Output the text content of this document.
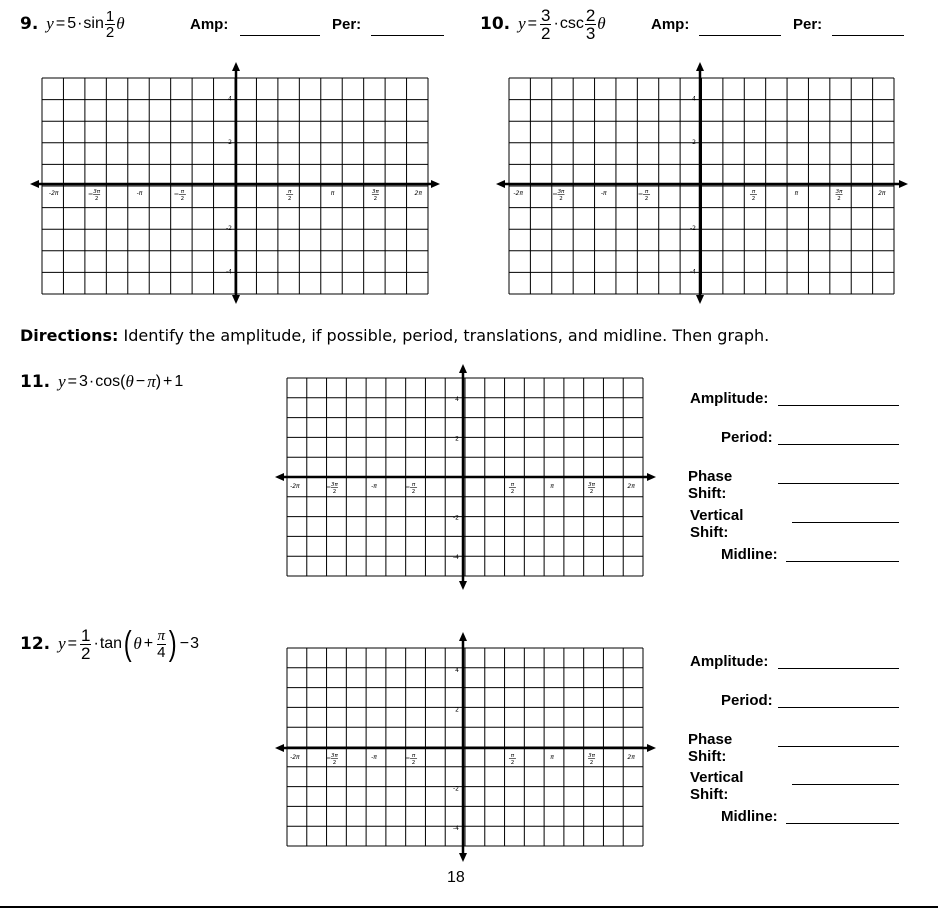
9. $y = 5 \cdot \sin \frac{1}{2}$ θ	Amp:	Per:	10. $y = \frac{3}{2} \cdot \csc \frac{2}{3}$ θ	Amp:	Per:
4
2
-2
-4
-2π	3π
2
-π	π
2
π
2
π	3π
2
2π
4
2
-2
-4
-2π	3π
2
-π	π
2
π
2
π	3π
2
2π
4
2
-2
-4
-2π	3π
2
-π	π
2
π
2
π	3π
2
2π
4
2
-2
-4
-2π	3π
2
-π	π
2
π
2
π	3π
2
2π
Directions: Identify the amplitude, if possible, period, translations, and midline. Then graph.
11. y = 3 · cos ( θ − π ) + 1
12. $y = \frac{1}{2} \cdot \tan$ ( $\theta + \frac{\pi}{4}$ ) − 3
Amplitude:
Period:
Phase Shift:
Vertical Shift:
Midline:
Amplitude:
Period:
Phase Shift:
Vertical Shift:
Midline:
18
